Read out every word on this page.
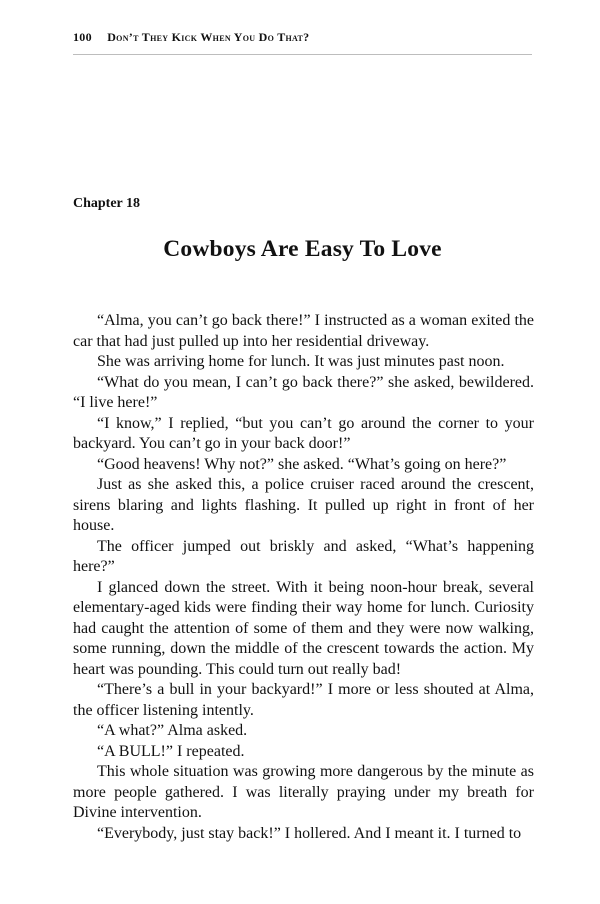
100 Don’t They Kick When You Do That?
Chapter 18
Cowboys Are Easy To Love

“Alma, you can’t go back there!” I instructed as a woman exited the car that had just pulled up into her residential driveway.

She was arriving home for lunch. It was just minutes past noon.

“What do you mean, I can’t go back there?” she asked, bewildered. “I live here!”

“I know,” I replied, “but you can’t go around the corner to your backyard. You can’t go in your back door!”

“Good heavens! Why not?” she asked. “What’s going on here?”

Just as she asked this, a police cruiser raced around the crescent, sirens blaring and lights flashing. It pulled up right in front of her house.

The officer jumped out briskly and asked, “What’s happening here?”

I glanced down the street. With it being noon-hour break, several elementary-aged kids were finding their way home for lunch. Curiosity had caught the attention of some of them and they were now walking, some running, down the middle of the crescent towards the action. My heart was pounding. This could turn out really bad!

“There’s a bull in your backyard!” I more or less shouted at Alma, the officer listening intently.

“A what?” Alma asked.

“A BULL!” I repeated.

This whole situation was growing more dangerous by the minute as more people gathered. I was literally praying under my breath for Divine intervention.

“Everybody, just stay back!” I hollered. And I meant it. I turned to
